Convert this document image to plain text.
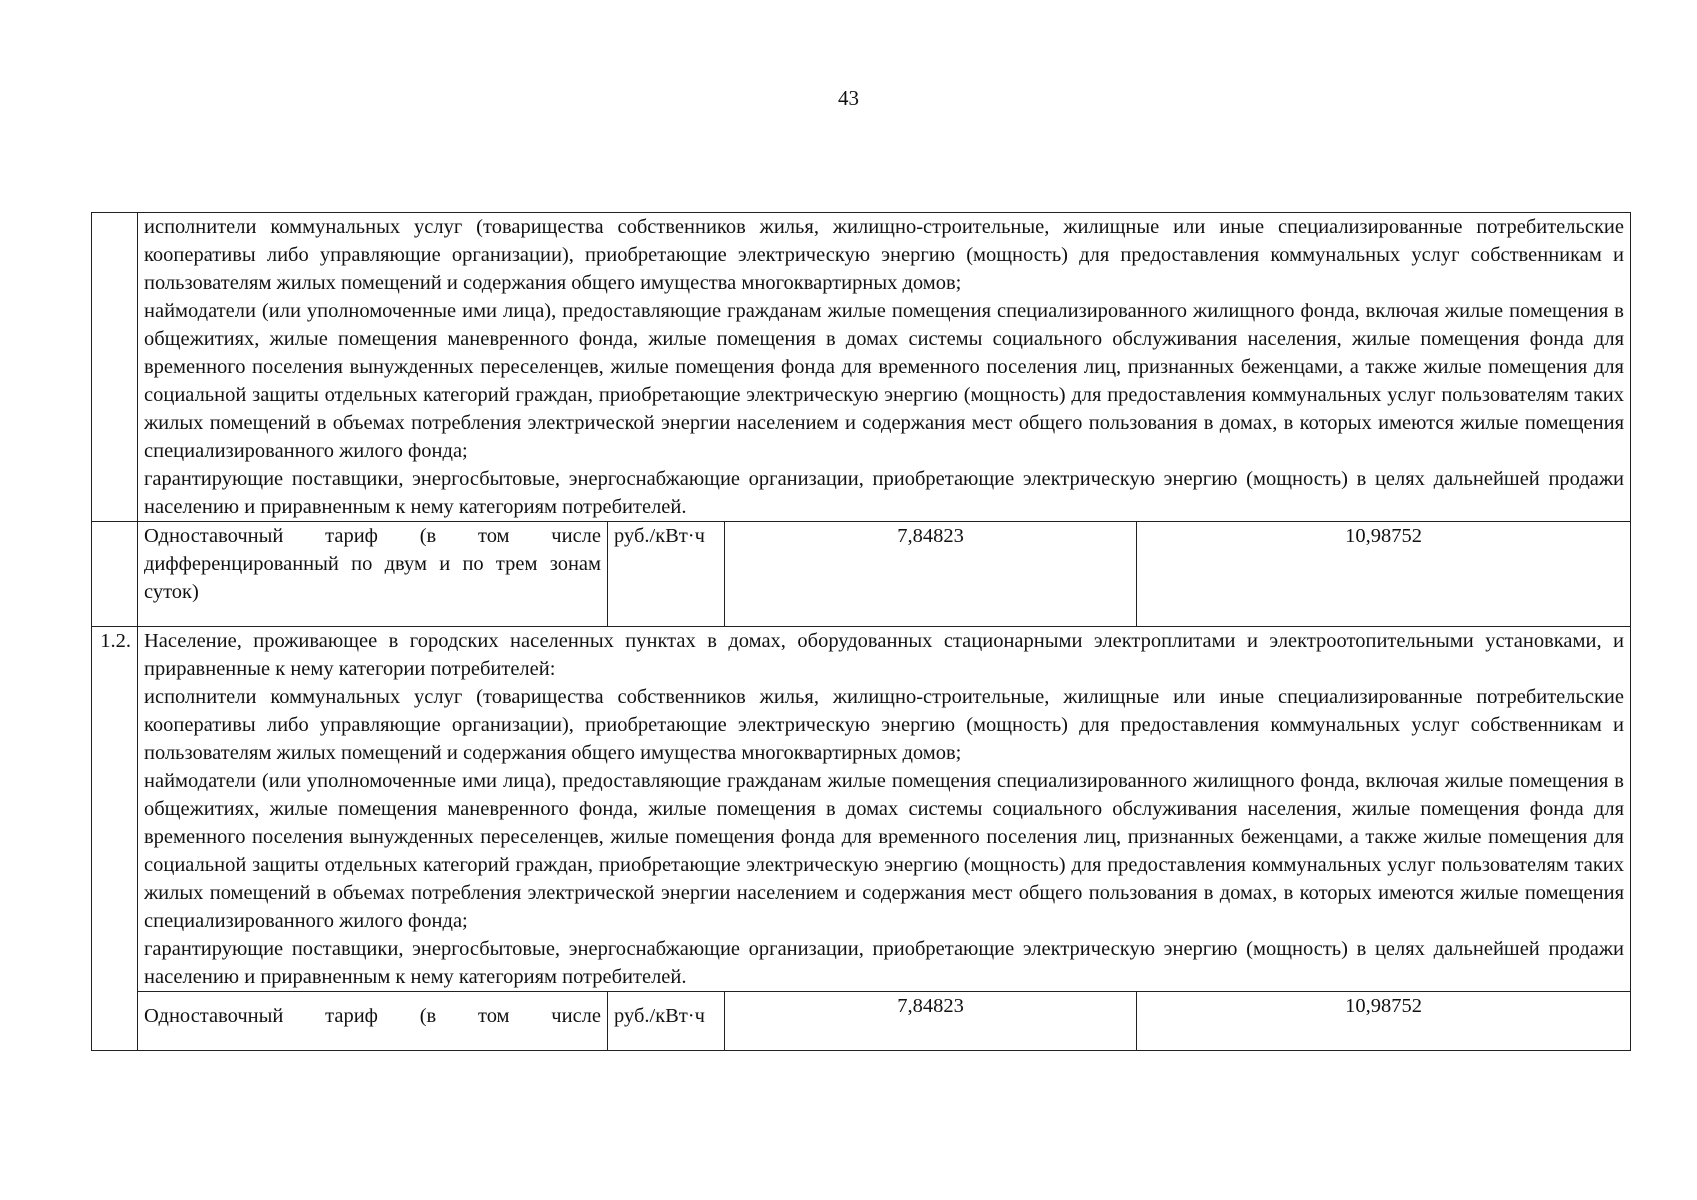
43

	исполнители коммунальных услуг (товарищества собственников жилья, жилищно-строительные, жилищные или иные специализированные потребительские кооперативы либо управляющие организации), приобретающие электрическую энергию (мощность) для предоставления коммунальных услуг собственникам и пользователям жилых помещений и содержания общего имущества многоквартирных домов;

наймодатели (или уполномоченные ими лица), предоставляющие гражданам жилые помещения специализированного жилищного фонда, включая жилые помещения в общежитиях, жилые помещения маневренного фонда, жилые помещения в домах системы социального обслуживания населения, жилые помещения фонда для временного поселения вынужденных переселенцев, жилые помещения фонда для временного поселения лиц, признанных беженцами, а также жилые помещения для социальной защиты отдельных категорий граждан, приобретающие электрическую энергию (мощность) для предоставления коммунальных услуг пользователям таких жилых помещений в объемах потребления электрической энергии населением и содержания мест общего пользования в домах, в которых имеются жилые помещения специализированного жилого фонда;

гарантирующие поставщики, энергосбытовые, энергоснабжающие организации, приобретающие электрическую энергию (мощность) в целях дальнейшей продажи населению и приравненным к нему категориям потребителей.			

	Одноставочный тариф (в том числе дифференцированный по двум и по трем зонам суток)	руб./кВт·ч	7,84823	10,98752
1.2.	Население, проживающее в городских населенных пунктах в домах, оборудованных стационарными электроплитами и электроотопительными установками, и приравненные к нему категории потребителей:

исполнители коммунальных услуг (товарищества собственников жилья, жилищно-строительные, жилищные или иные специализированные потребительские кооперативы либо управляющие организации), приобретающие электрическую энергию (мощность) для предоставления коммунальных услуг собственникам и пользователям жилых помещений и содержания общего имущества многоквартирных домов;

наймодатели (или уполномоченные ими лица), предоставляющие гражданам жилые помещения специализированного жилищного фонда, включая жилые помещения в общежитиях, жилые помещения маневренного фонда, жилые помещения в домах системы социального обслуживания населения, жилые помещения фонда для временного поселения вынужденных переселенцев, жилые помещения фонда для временного поселения лиц, признанных беженцами, а также жилые помещения для социальной защиты отдельных категорий граждан, приобретающие электрическую энергию (мощность) для предоставления коммунальных услуг пользователям таких жилых помещений в объемах потребления электрической энергии населением и содержания мест общего пользования в домах, в которых имеются жилые помещения специализированного жилого фонда;

гарантирующие поставщики, энергосбытовые, энергоснабжающие организации, приобретающие электрическую энергию (мощность) в целях дальнейшей продажи населению и приравненным к нему категориям потребителей.			

	Одноставочный тариф (в том числе	руб./кВт·ч	7,84823	10,98752
